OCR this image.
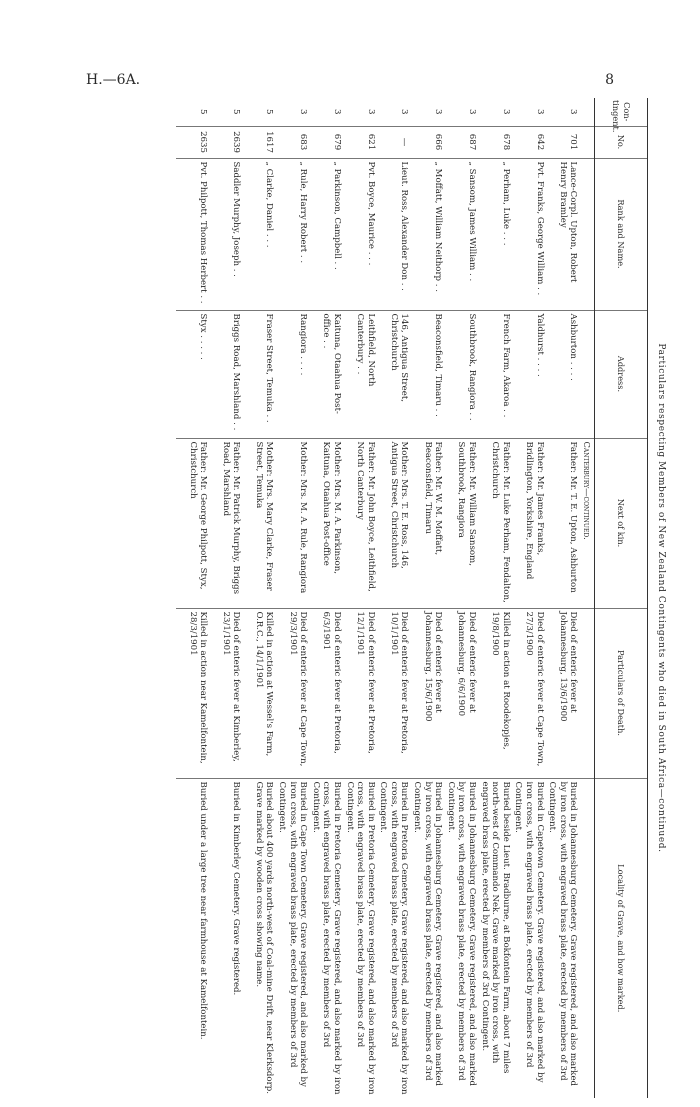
H.—6A.	8
Particulars respecting Members of New Zealand Contingents who died in South Africa—continued.
Con-tingent.	No.	Rank and Name.	Address.	Next of kin.	Particulars of Death.	Locality of Grave, and how marked.
				Canterbury—continued.		
3	701	Lance-Corpl. Upton, Robert Henry Bramley	Ashburton . . . .	Father: Mr. T. E. Upton, Ashburton	Died of enteric fever at Johannesburg, 13/6/1900	Buried in Johannesburg Cemetery. Grave registered, and also marked by iron cross, with engraved brass plate, erected by members of 3rd Contingent.
3	642	Pvt. Franks, George William . .	Yaldhurst . . . .	Father: Mr. James Franks, Bridlington, Yorkshire, England	Died of enteric fever at Cape Town, 27/3/1900	Buried in Capetown Cemetery. Grave registered, and also marked by iron cross, with engraved brass plate, erected by members of 3rd Contingent.
3	678	„ Perham, Luke . . .	French Farm, Akaroa . .	Father: Mr. Luke Perham, Fendalton, Christchurch	Killed in action at Roodekopjes, 19/8/1900	Buried beside Lieut. Bradburne, at Bokfontein Farm, about 7 miles north-west of Commando Nek. Grave marked by iron cross, with engraved brass plate, erected by members of 3rd Contingent.
3	687	„ Sansom, James William . .	Southbrook, Rangiora . .	Father: Mr. William Sansom, Southbrook, Rangiora	Died of enteric fever at Johannesburg, 6/6/1900	Buried in Johannesburg Cemetery. Grave registered, and also marked by iron cross, with engraved brass plate, erected by members of 3rd Contingent.
3	666	„ Moffatt, William Neithorp . .	Beaconsfield, Timaru . .	Father: Mr. W. M. Moffatt, Beaconsfield, Timaru	Died of enteric fever at Johannesburg, 15/6/1900	Buried in Johannesburg Cemetery. Grave registered, and also marked by iron cross, with engraved brass plate, erected by members of 3rd Contingent.
3	—	Lieut. Ross, Alexander Don . .	146, Antigua Street, Christchurch	Mother: Mrs. T. E. Ross, 146, Antigua Street, Christchurch	Died of enteric fever at Pretoria, 10/1/1901	Buried in Pretoria Cemetery. Grave registered, and also marked by iron cross, with engraved brass plate, erected by members of 3rd Contingent.
3	621	Pvt. Boyce, Maurice . . .	Leithfield, North Canterbury . .	Father: Mr. John Boyce, Leithfield, North Canterbury	Died of enteric fever at Pretoria, 12/1/1901	Buried in Pretoria Cemetery. Grave registered, and also marked by iron cross, with engraved brass plate, erected by members of 3rd Contingent.
3	679	„ Parkinson, Campbell . .	Kaituna, Otaahua Post-office . .	Mother: Mrs. M. A. Parkinson, Kaituna, Otaahua Post-office	Died of enteric fever at Pretoria, 6/3/1901	Buried in Pretoria Cemetery. Grave registered, and also marked by iron cross, with engraved brass plate, erected by members of 3rd Contingent.
3	683	„ Rule, Harry Robert . .	Rangiora . . . .	Mother: Mrs. M. A. Rule, Rangiora	Died of enteric fever at Cape Town, 29/3/1901	Buried in Cape Town Cemetery. Grave registered, and also marked by iron cross, with engraved brass plate, erected by members of 3rd Contingent.
5	1617	„ Clarke, Daniel . . .	Fraser Street, Temuka . .	Mother: Mrs. Mary Clarke, Fraser Street, Temuka	Killed in action at Wessel's Farm, O.R.C., 14/1/1901	Buried about 400 yards north-west of Coal-mine Drift, near Klerksdorp. Grave marked by wooden cross showing name.
5	2639	Saddler Murphy, Joseph . .	Briggs Road, Marshland . .	Father: Mr. Patrick Murphy, Briggs Road, Marshland	Died of enteric fever at Kimberley, 23/1/1901	Buried in Kimberley Cemetery. Grave registered.
5	2635	Pvt. Philpott, Thomas Herbert . .	Styx . . . . .	Father: Mr. George Philpott, Styx, Christchurch	Killed in action near Kamelfontein, 28/3/1901	Buried under a large tree near farmhouse at Kamelfontein.
